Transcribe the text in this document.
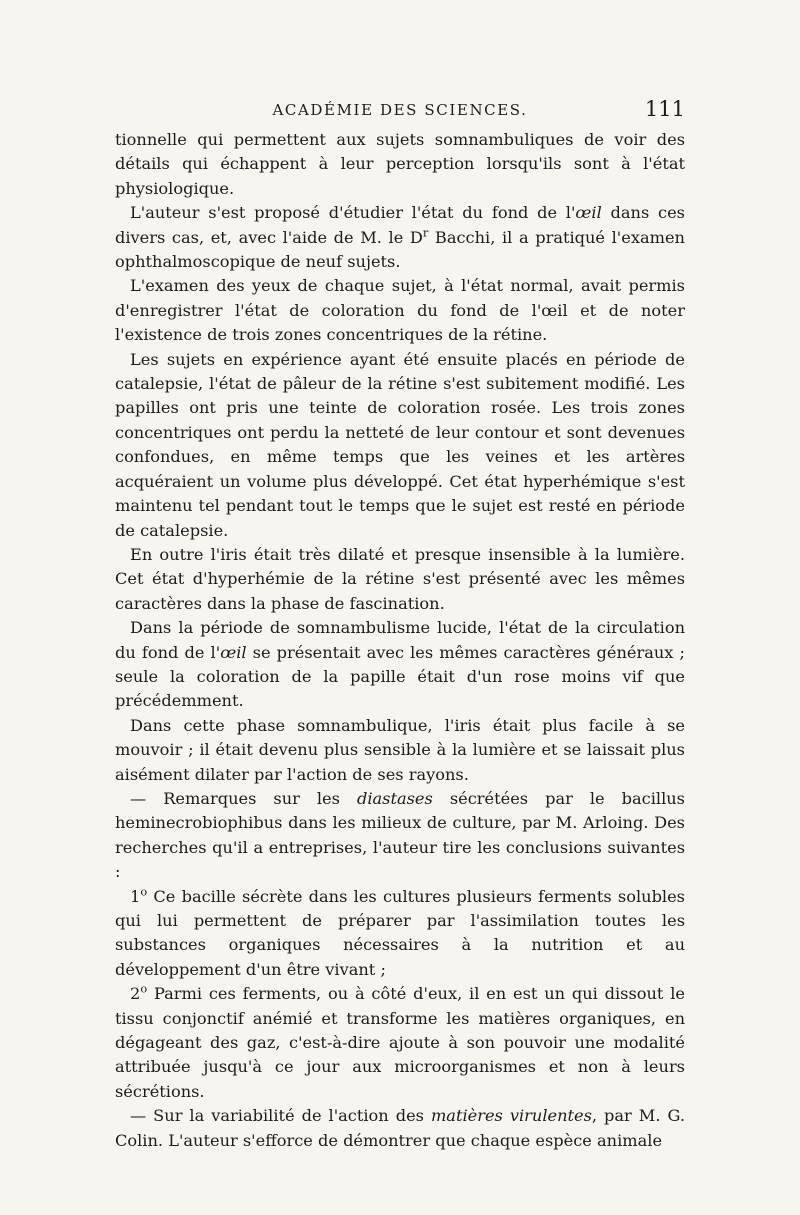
ACADÉMIE DES SCIENCES.	111

tionnelle qui permettent aux sujets somnambuliques de voir des détails qui échappent à leur perception lorsqu'ils sont à l'état physiologique.

L'auteur s'est proposé d'étudier l'état du fond de l'œil dans ces divers cas, et, avec l'aide de M. le $D^r$ Bacchi, il a pratiqué l'examen ophthalmoscopique de neuf sujets.

L'examen des yeux de chaque sujet, à l'état normal, avait permis d'enregistrer l'état de coloration du fond de l'œil et de noter l'existence de trois zones concentriques de la rétine.

Les sujets en expérience ayant été ensuite placés en période de catalepsie, l'état de pâleur de la rétine s'est subitement modifié. Les papilles ont pris une teinte de coloration rosée. Les trois zones concentriques ont perdu la netteté de leur contour et sont devenues confondues, en même temps que les veines et les artères acquéraient un volume plus développé. Cet état hyperhémique s'est maintenu tel pendant tout le temps que le sujet est resté en période de catalepsie.

En outre l'iris était très dilaté et presque insensible à la lumière. Cet état d'hyperhémie de la rétine s'est présenté avec les mêmes caractères dans la phase de fascination.

Dans la période de somnambulisme lucide, l'état de la circulation du fond de l'œil se présentait avec les mêmes caractères généraux ; seule la coloration de la papille était d'un rose moins vif que précédemment.

Dans cette phase somnambulique, l'iris était plus facile à se mouvoir ; il était devenu plus sensible à la lumière et se laissait plus aisément dilater par l'action de ses rayons.

— Remarques sur les diastases sécrétées par le bacillus heminecrobiophibus dans les milieux de culture, par M. Arloing. Des recherches qu'il a entreprises, l'auteur tire les conclusions suivantes :

1$^o$ Ce bacille sécrète dans les cultures plusieurs ferments solubles qui lui permettent de préparer par l'assimilation toutes les substances organiques nécessaires à la nutrition et au développement d'un être vivant ;

2$^o$ Parmi ces ferments, ou à côté d'eux, il en est un qui dissout le tissu conjonctif anémié et transforme les matières organiques, en dégageant des gaz, c'est-à-dire ajoute à son pouvoir une modalité attribuée jusqu'à ce jour aux microorganismes et non à leurs sécrétions.

— Sur la variabilité de l'action des matières virulentes, par M. G. Colin. L'auteur s'efforce de démontrer que chaque espèce animale
